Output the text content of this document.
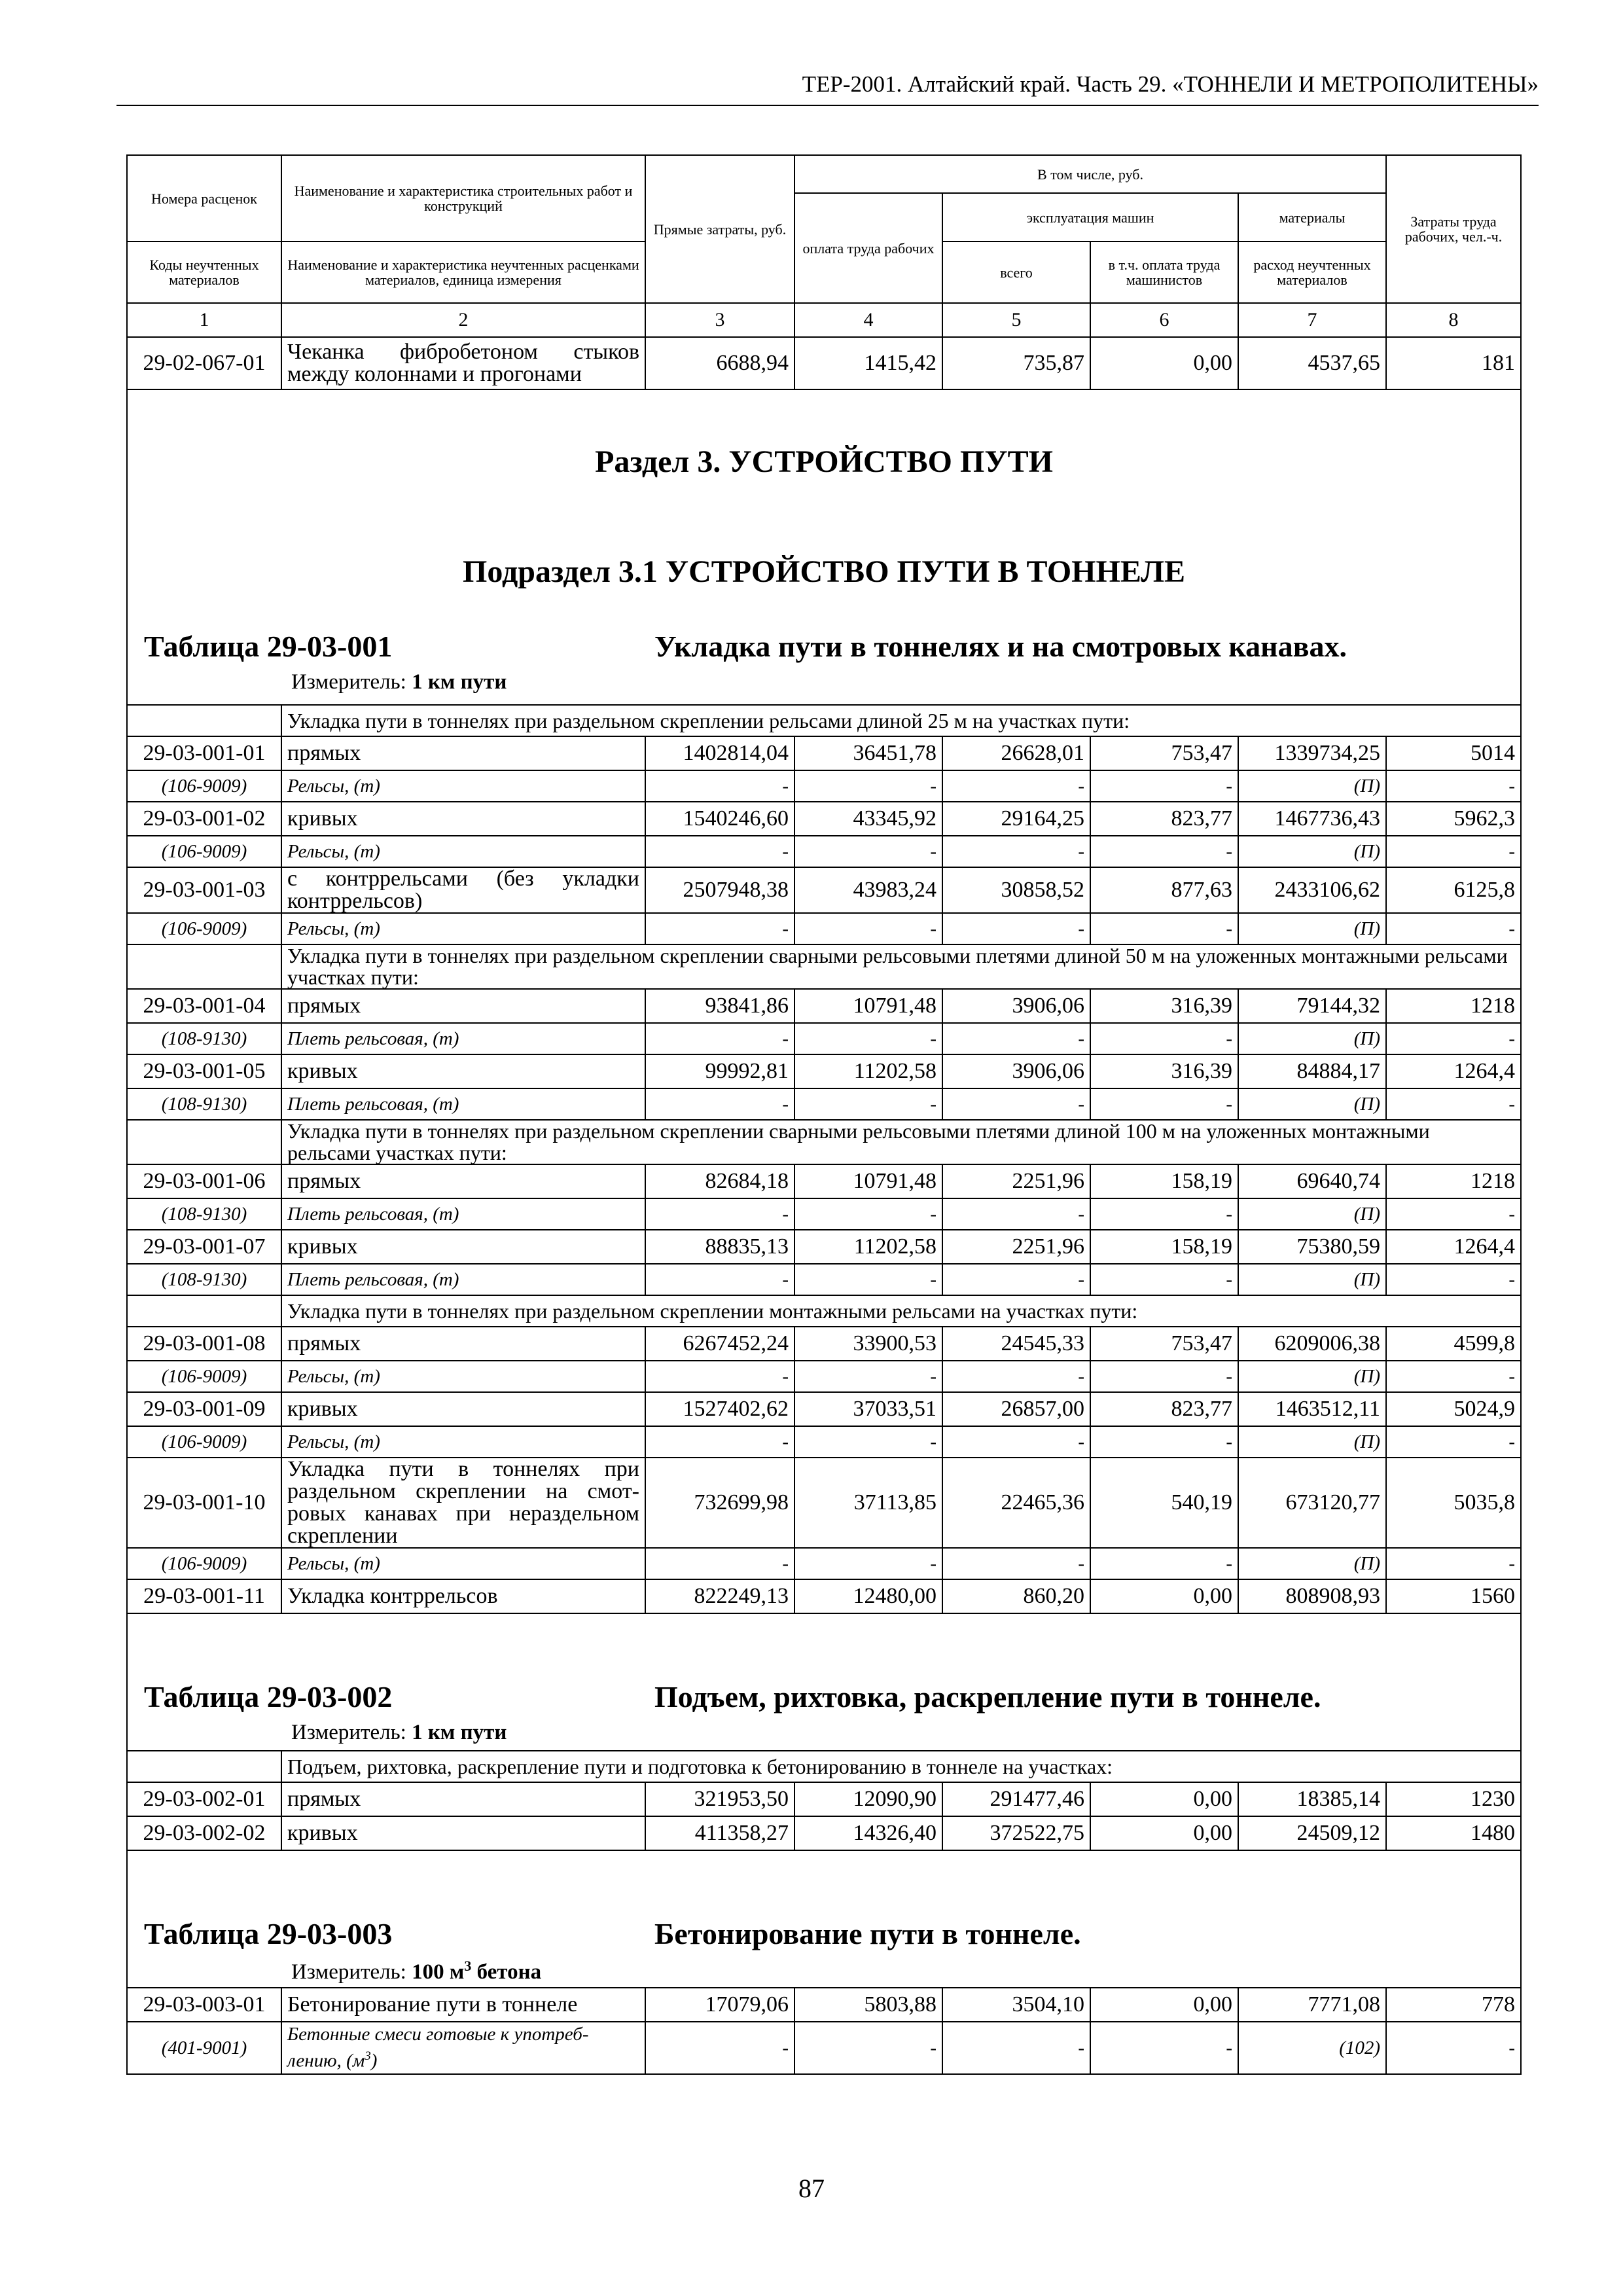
ТЕР-2001. Алтайский край. Часть 29. «ТОННЕЛИ И МЕТРОПОЛИТЕНЫ»
Номера расценок	Наименование и характеристика строительных работ и конструкций	Прямые затраты, руб.	В том числе, руб.				Затраты труда рабочих, чел.-ч.
			оплата труда рабочих	эксплуатация машин		материалы	
Коды неучтенных материалов	Наименование и характеристика неучтенных расценками материалов, единица измерения			всего	в т.ч. оплата труда машинистов	расход неучтенных материалов	
1	2	3	4	5	6	7	8
29-02-067-01	Чеканка фибробетоном стыков между колоннами и прогонами	6688,94	1415,42	735,87	0,00	4537,65	181

Раздел 3. УСТРОЙСТВО ПУТИ
Подраздел 3.1 УСТРОЙСТВО ПУТИ В ТОННЕЛЕ
Таблица 29-03-001 Укладка пути в тоннелях и на смотровых канавах.
Измеритель: 1 км пути							

	Укладка пути в тоннелях при раздельном скреплении рельсами длиной 25 м на участках пути:						
29-03-001-01	прямых	1402814,04	36451,78	26628,01	753,47	1339734,25	5014
(106-9009)	Рельсы, (т)	-	-	-	-	(П)	-
29-03-001-02	кривых	1540246,60	43345,92	29164,25	823,77	1467736,43	5962,3
(106-9009)	Рельсы, (т)	-	-	-	-	(П)	-
29-03-001-03	с контррельсами (без укладки контррельсов)	2507948,38	43983,24	30858,52	877,63	2433106,62	6125,8
(106-9009)	Рельсы, (т)	-	-	-	-	(П)	-
	Укладка пути в тоннелях при раздельном скреплении сварными рельсовыми плетями длиной 50 м на уложенных монтажными рельсами участках пути:						
29-03-001-04	прямых	93841,86	10791,48	3906,06	316,39	79144,32	1218
(108-9130)	Плеть рельсовая, (т)	-	-	-	-	(П)	-
29-03-001-05	кривых	99992,81	11202,58	3906,06	316,39	84884,17	1264,4
(108-9130)	Плеть рельсовая, (т)	-	-	-	-	(П)	-
	Укладка пути в тоннелях при раздельном скреплении сварными рельсовыми плетями длиной 100 м на уложенных монтажными рельсами участках пути:						
29-03-001-06	прямых	82684,18	10791,48	2251,96	158,19	69640,74	1218
(108-9130)	Плеть рельсовая, (т)	-	-	-	-	(П)	-
29-03-001-07	кривых	88835,13	11202,58	2251,96	158,19	75380,59	1264,4
(108-9130)	Плеть рельсовая, (т)	-	-	-	-	(П)	-
	Укладка пути в тоннелях при раздельном скреплении монтажными рельсами на участках пути:						
29-03-001-08	прямых	6267452,24	33900,53	24545,33	753,47	6209006,38	4599,8
(106-9009)	Рельсы, (т)	-	-	-	-	(П)	-
29-03-001-09	кривых	1527402,62	37033,51	26857,00	823,77	1463512,11	5024,9
(106-9009)	Рельсы, (т)	-	-	-	-	(П)	-
29-03-001-10	Укладка пути в тоннелях при раздельном скреплении на смот-ровых канавах при нераздельном скреплении	732699,98	37113,85	22465,36	540,19	673120,77	5035,8
(106-9009)	Рельсы, (т)	-	-	-	-	(П)	-
29-03-001-11	Укладка контррельсов	822249,13	12480,00	860,20	0,00	808908,93	1560

Таблица 29-03-002 Подъем, рихтовка, раскрепление пути в тоннеле.
Измеритель: 1 км пути							

	Подъем, рихтовка, раскрепление пути и подготовка к бетонированию в тоннеле на участках:						
29-03-002-01	прямых	321953,50	12090,90	291477,46	0,00	18385,14	1230
29-03-002-02	кривых	411358,27	14326,40	372522,75	0,00	24509,12	1480

Таблица 29-03-003 Бетонирование пути в тоннеле.
Измеритель: 100 $м^3$ бетона							

29-03-003-01	Бетонирование пути в тоннеле	17079,06	5803,88	3504,10	0,00	7771,08	778
(401-9001)	Бетонные смеси готовые к употреб-лению, $(м^3)$	-	-	-	-	(102)	-
87
